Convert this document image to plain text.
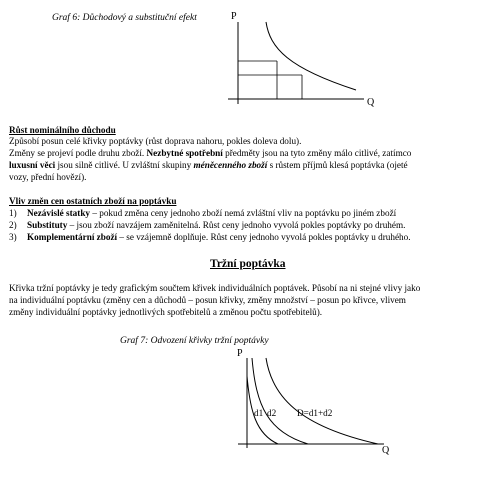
Graf 6: Důchodový a substituční efekt	P
Q
Růst nominálního důchodu
Způsobí posun celé křivky poptávky (růst doprava nahoru, pokles doleva dolu).
Změny se projeví podle druhu zboží. Nezbytné spotřební předměty jsou na tyto změny málo citlivé, zatímco
luxusní věci jsou silně citlivé. U zvláštní skupiny méněcenného zboží s růstem příjmů klesá poptávka (ojeté
vozy, přední hovězí).
Vliv změn cen ostatních zboží na poptávku
1) Nezávislé statky – pokud změna ceny jednoho zboží nemá zvláštní vliv na poptávku po jiném zboží
2) Substituty – jsou zboží navzájem zaměnitelná. Růst ceny jednoho vyvolá pokles poptávky po druhém.
3) Komplementární zboží – se vzájemně doplňuje. Růst ceny jednoho vyvolá pokles poptávky u druhého.
Tržní poptávka
Křivka tržní poptávky je tedy grafickým součtem křivek individuálních poptávek. Působí na ni stejné vlivy jako
na individuální poptávku (změny cen a důchodů – posun křivky, změny množství – posun po křivce, vlivem
změny individuální poptávky jednotlivých spotřebitelů a změnou počtu spotřebitelů).
Graf 7: Odvození křivky tržní poptávky
P
Q
d1 d2 D=d1+d2
